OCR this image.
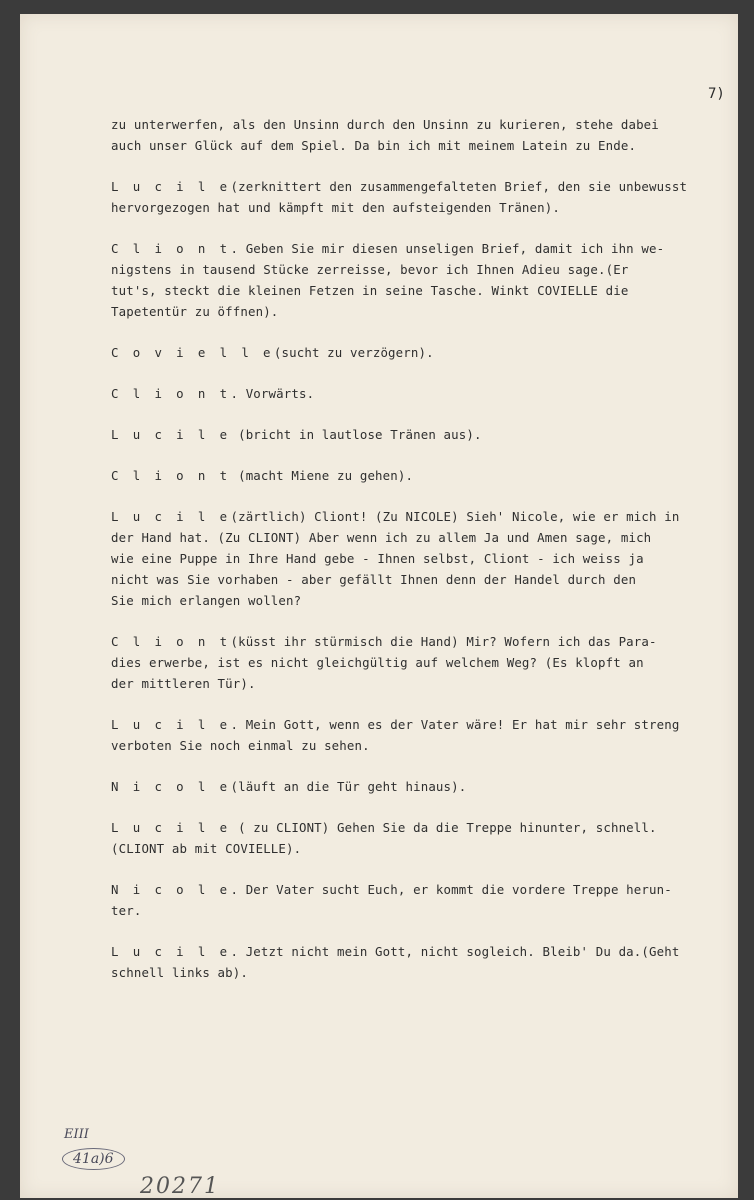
7)
zu unterwerfen, als den Unsinn durch den Unsinn zu kurieren, stehe dabei
auch unser Glück auf dem Spiel. Da bin ich mit meinem Latein zu Ende.
L u c i l e(zerknittert den zusammengefalteten Brief, den sie unbewusst
hervorgezogen hat und kämpft mit den aufsteigenden Tränen).
C l i o n t. Geben Sie mir diesen unseligen Brief, damit ich ihn we-
nigstens in tausend Stücke zerreisse, bevor ich Ihnen Adieu sage.(Er
tut's, steckt die kleinen Fetzen in seine Tasche. Winkt COVIELLE die
Tapetentür zu öffnen).
C o v i e l l e(sucht zu verzögern).
C l i o n t. Vorwärts.
L u c i l e (bricht in lautlose Tränen aus).
C l i o n t (macht Miene zu gehen).
L u c i l e(zärtlich) Cliont! (Zu NICOLE) Sieh' Nicole, wie er mich in
der Hand hat. (Zu CLIONT) Aber wenn ich zu allem Ja und Amen sage, mich
wie eine Puppe in Ihre Hand gebe - Ihnen selbst, Cliont - ich weiss ja
nicht was Sie vorhaben - aber gefällt Ihnen denn der Handel durch den
Sie mich erlangen wollen?
C l i o n t(küsst ihr stürmisch die Hand) Mir? Wofern ich das Para-
dies erwerbe, ist es nicht gleichgültig auf welchem Weg? (Es klopft an
der mittleren Tür).
L u c i l e. Mein Gott, wenn es der Vater wäre! Er hat mir sehr streng
verboten Sie noch einmal zu sehen.
N i c o l e(läuft an die Tür geht hinaus).
L u c i l e ( zu CLIONT) Gehen Sie da die Treppe hinunter, schnell.
(CLIONT ab mit COVIELLE).
N i c o l e. Der Vater sucht Euch, er kommt die vordere Treppe herun-
ter.
L u c i l e. Jetzt nicht mein Gott, nicht sogleich. Bleib' Du da.(Geht
schnell links ab).
EIII
41a)6
20271
